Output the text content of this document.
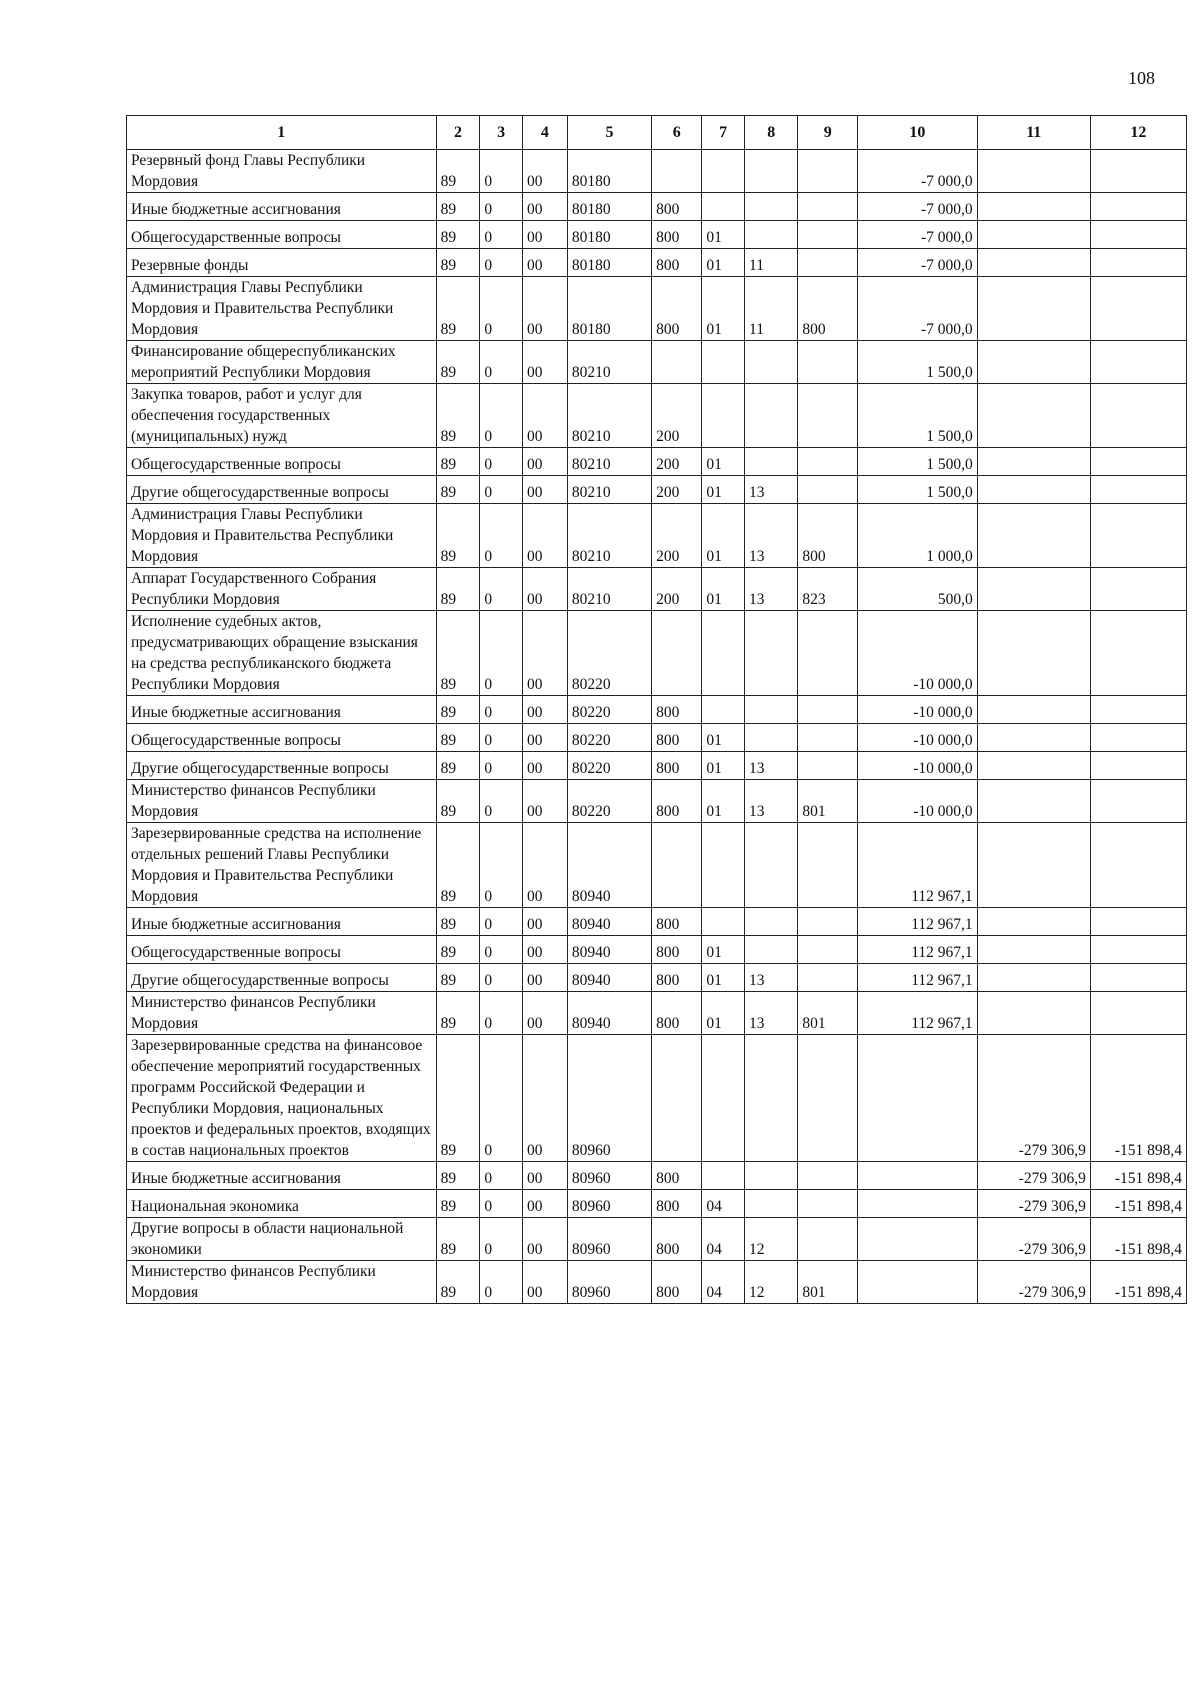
108
1	2	3	4	5	6	7	8	9	10	11	12
Резервный фонд Главы Республики Мордовия	89	0	00	80180					-7 000,0		
Иные бюджетные ассигнования	89	0	00	80180	800				-7 000,0		
Общегосударственные вопросы	89	0	00	80180	800	01			-7 000,0		
Резервные фонды	89	0	00	80180	800	01	11		-7 000,0		
Администрация Главы Республики Мордовия и Правительства Республики Мордовия	89	0	00	80180	800	01	11	800	-7 000,0		
Финансирование общереспубликанских мероприятий Республики Мордовия	89	0	00	80210					1 500,0		
Закупка товаров, работ и услуг для обеспечения государственных (муниципальных) нужд	89	0	00	80210	200				1 500,0		
Общегосударственные вопросы	89	0	00	80210	200	01			1 500,0		
Другие общегосударственные вопросы	89	0	00	80210	200	01	13		1 500,0		
Администрация Главы Республики Мордовия и Правительства Республики Мордовия	89	0	00	80210	200	01	13	800	1 000,0		
Аппарат Государственного Собрания Республики Мордовия	89	0	00	80210	200	01	13	823	500,0		
Исполнение судебных актов, предусматривающих обращение взыскания на средства республиканского бюджета Республики Мордовия	89	0	00	80220					-10 000,0		
Иные бюджетные ассигнования	89	0	00	80220	800				-10 000,0		
Общегосударственные вопросы	89	0	00	80220	800	01			-10 000,0		
Другие общегосударственные вопросы	89	0	00	80220	800	01	13		-10 000,0		
Министерство финансов Республики Мордовия	89	0	00	80220	800	01	13	801	-10 000,0		
Зарезервированные средства на исполнение отдельных решений Главы Республики Мордовия и Правительства Республики Мордовия	89	0	00	80940					112 967,1		
Иные бюджетные ассигнования	89	0	00	80940	800				112 967,1		
Общегосударственные вопросы	89	0	00	80940	800	01			112 967,1		
Другие общегосударственные вопросы	89	0	00	80940	800	01	13		112 967,1		
Министерство финансов Республики Мордовия	89	0	00	80940	800	01	13	801	112 967,1		
Зарезервированные средства на финансовое обеспечение мероприятий государственных программ Российской Федерации и Республики Мордовия, национальных проектов и федеральных проектов, входящих в состав национальных проектов	89	0	00	80960						-279 306,9	-151 898,4
Иные бюджетные ассигнования	89	0	00	80960	800					-279 306,9	-151 898,4
Национальная экономика	89	0	00	80960	800	04				-279 306,9	-151 898,4
Другие вопросы в области национальной экономики	89	0	00	80960	800	04	12			-279 306,9	-151 898,4
Министерство финансов Республики Мордовия	89	0	00	80960	800	04	12	801		-279 306,9	-151 898,4
